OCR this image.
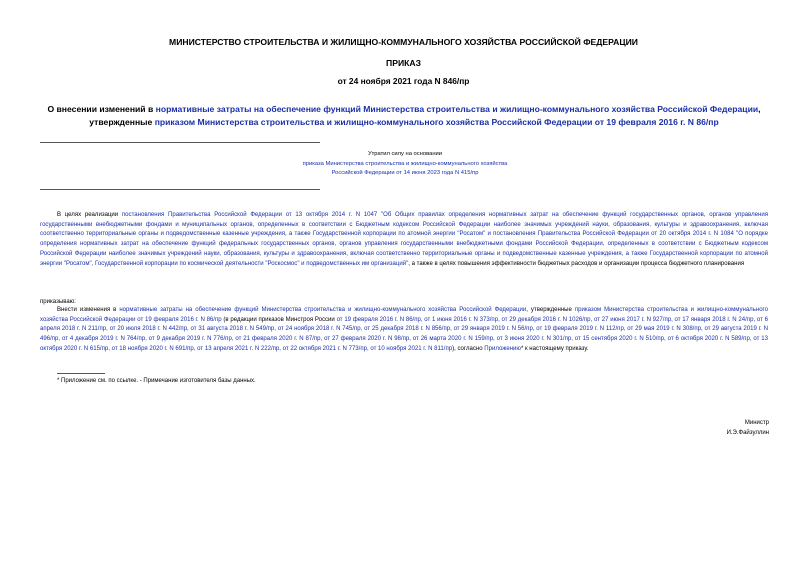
МИНИСТЕРСТВО СТРОИТЕЛЬСТВА И ЖИЛИЩНО-КОММУНАЛЬНОГО ХОЗЯЙСТВА РОССИЙСКОЙ ФЕДЕРАЦИИ
ПРИКАЗ
от 24 ноября 2021 года N 846/пр
О внесении изменений в нормативные затраты на обеспечение функций Министерства строительства и жилищно-коммунального хозяйства Российской Федерации, утвержденные приказом Министерства строительства и жилищно-коммунального хозяйства Российской Федерации от 19 февраля 2016 г. N 86/пр
Утратил силу на основании
приказа Министерства строительства и жилищно-коммунального хозяйства
Российской Федерации от 14 июня 2023 года N 415/пр
В целях реализации постановления Правительства Российской Федерации от 13 октября 2014 г. N 1047 "Об Общих правилах определения нормативных затрат на обеспечение функций государственных органов, органов управления государственными внебюджетными фондами и муниципальных органов, определенных в соответствии с Бюджетным кодексом Российской Федерации наиболее значимых учреждений науки, образования, культуры и здравоохранения, включая соответственно территориальные органы и подведомственные казенные учреждения, а также Государственной корпорации по атомной энергии "Росатом" и постановления Правительства Российской Федерации от 20 октября 2014 г. N 1084 "О порядке определения нормативных затрат на обеспечение функций федеральных государственных органов, органов управления государственными внебюджетными фондами Российской Федерации, определенных в соответствии с Бюджетным кодексом Российской Федерации наиболее значимых учреждений науки, образования, культуры и здравоохранения, включая соответственно территориальные органы и подведомственные казенные учреждения, а также Государственной корпорации по атомной энергии "Росатом", Государственной корпорации по космической деятельности "Роскосмос" и подведомственных им организаций", а также в целях повышения эффективности бюджетных расходов и организации процесса бюджетного планирования
приказываю:
Внести изменения в нормативные затраты на обеспечение функций Министерства строительства и жилищно-коммунального хозяйства Российской Федерации, утвержденные приказом Министерства строительства и жилищно-коммунального хозяйства Российской Федерации от 19 февраля 2016 г. N 86/пр (в редакции приказов Минстроя России от 19 февраля 2016 г. N 86/пр, от 1 июня 2016 г. N 373/пр, от 29 декабря 2016 г. N 1026/пр, от 27 июня 2017 г. N 927/пр, от 17 января 2018 г. N 24/пр, от 6 апреля 2018 г. N 211/пр, от 20 июля 2018 г. N 442/пр, от 31 августа 2018 г. N 549/пр, от 24 ноября 2018 г. N 745/пр, от 25 декабря 2018 г. N 856/пр, от 29 января 2019 г. N 56/пр, от 19 февраля 2019 г. N 112/пр, от 29 мая 2019 г. N 308/пр, от 29 августа 2019 г. N 496/пр, от 4 декабря 2019 г. N 764/пр, от 9 декабря 2019 г. N 776/пр, от 21 февраля 2020 г. N 87/пр, от 27 февраля 2020 г. N 98/пр, от 26 марта 2020 г. N 159/пр, от 3 июня 2020 г. N 301/пр, от 15 сентября 2020 г. N 510/пр, от 6 октября 2020 г. N 589/пр, от 13 октября 2020 г. N 615/пр, от 18 ноября 2020 г. N 691/пр, от 13 апреля 2021 г. N 222/пр, от 22 октября 2021 г. N 773/пр, от 10 ноября 2021 г. N 811/пр), согласно Приложению* к настоящему приказу.
* Приложение см. по ссылке. - Примечание изготовителя базы данных.
Министр
И.Э.Файзуллин
